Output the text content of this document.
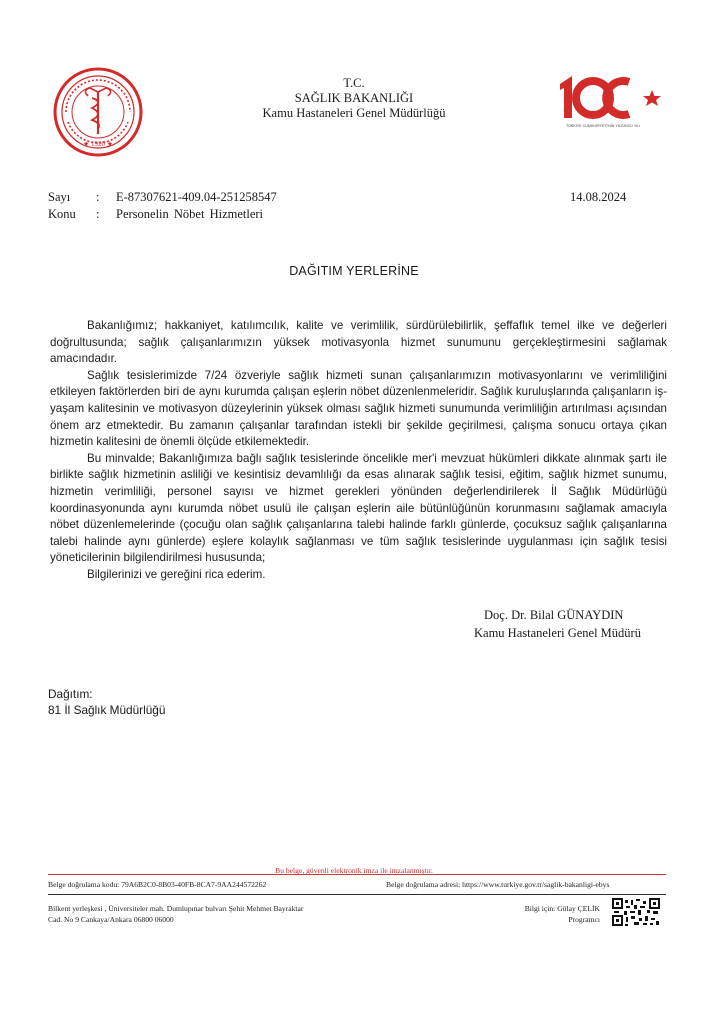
★ 1920 ★
T.C.
SAĞLIK BAKANLIĞI
Kamu Hastaneleri Genel Müdürlüğü
TÜRKİYE CUMHURİYETİ'NİN YÜZÜNCÜ YILI
Sayı : E-87307621-409.04-251258547
Konu : Personelin Nöbet Hizmetleri
14.08.2024
DAĞITIM YERLERİNE

Bakanlığımız; hakkaniyet, katılımcılık, kalite ve verimlilik, sürdürülebilirlik, şeffaflık temel ilke ve değerleri doğrultusunda; sağlık çalışanlarımızın yüksek motivasyonla hizmet sunumunu gerçekleştirmesini sağlamak amacındadır.

Sağlık tesislerimizde 7/24 özveriyle sağlık hizmeti sunan çalışanlarımızın motivasyonlarını ve verimliliğini etkileyen faktörlerden biri de aynı kurumda çalışan eşlerin nöbet düzenlenmeleridir. Sağlık kuruluşlarında çalışanların iş-yaşam kalitesinin ve motivasyon düzeylerinin yüksek olması sağlık hizmeti sunumunda verimliliğin artırılması açısından önem arz etmektedir. Bu zamanın çalışanlar tarafından istekli bir şekilde geçirilmesi, çalışma sonucu ortaya çıkan hizmetin kalitesini de önemli ölçüde etkilemektedir.

Bu minvalde; Bakanlığımıza bağlı sağlık tesislerinde öncelikle mer'i mevzuat hükümleri dikkate alınmak şartı ile birlikte sağlık hizmetinin asliliği ve kesintisiz devamlılığı da esas alınarak sağlık tesisi, eğitim, sağlık hizmet sunumu, hizmetin verimliliği, personel sayısı ve hizmet gerekleri yönünden değerlendirilerek İl Sağlık Müdürlüğü koordinasyonunda aynı kurumda nöbet usulü ile çalışan eşlerin aile bütünlüğünün korunmasını sağlamak amacıyla nöbet düzenlemelerinde (çocuğu olan sağlık çalışanlarına talebi halinde farklı günlerde, çocuksuz sağlık çalışanlarına talebi halinde aynı günlerde) eşlere kolaylık sağlanması ve tüm sağlık tesislerinde uygulanması için sağlık tesisi yöneticilerinin bilgilendirilmesi hususunda;

Bilgilerinizi ve gereğini rica ederim.

Doç. Dr. Bilal GÜNAYDIN
Kamu Hastaneleri Genel Müdürü
Dağıtım:
81 İl Sağlık Müdürlüğü
Bu belge, güvenli elektronik imza ile imzalanmıştır.
Belge doğrulama kodu: 79A6B2C0-8B03-40FB-8CA7-9AA244572262	Belge doğrulama adresi: https://www.turkiye.gov.tr/saglik-bakanligi-ebys
Bilkent yerleşkesi , Üniversiteler mah. Dumlupınar bulvarı Şehit Mehmet Bayraktar
Cad. No 9 Cankaya/Ankara 06800 06000
Bilgi için: Gülay ÇELİK
Programcı
